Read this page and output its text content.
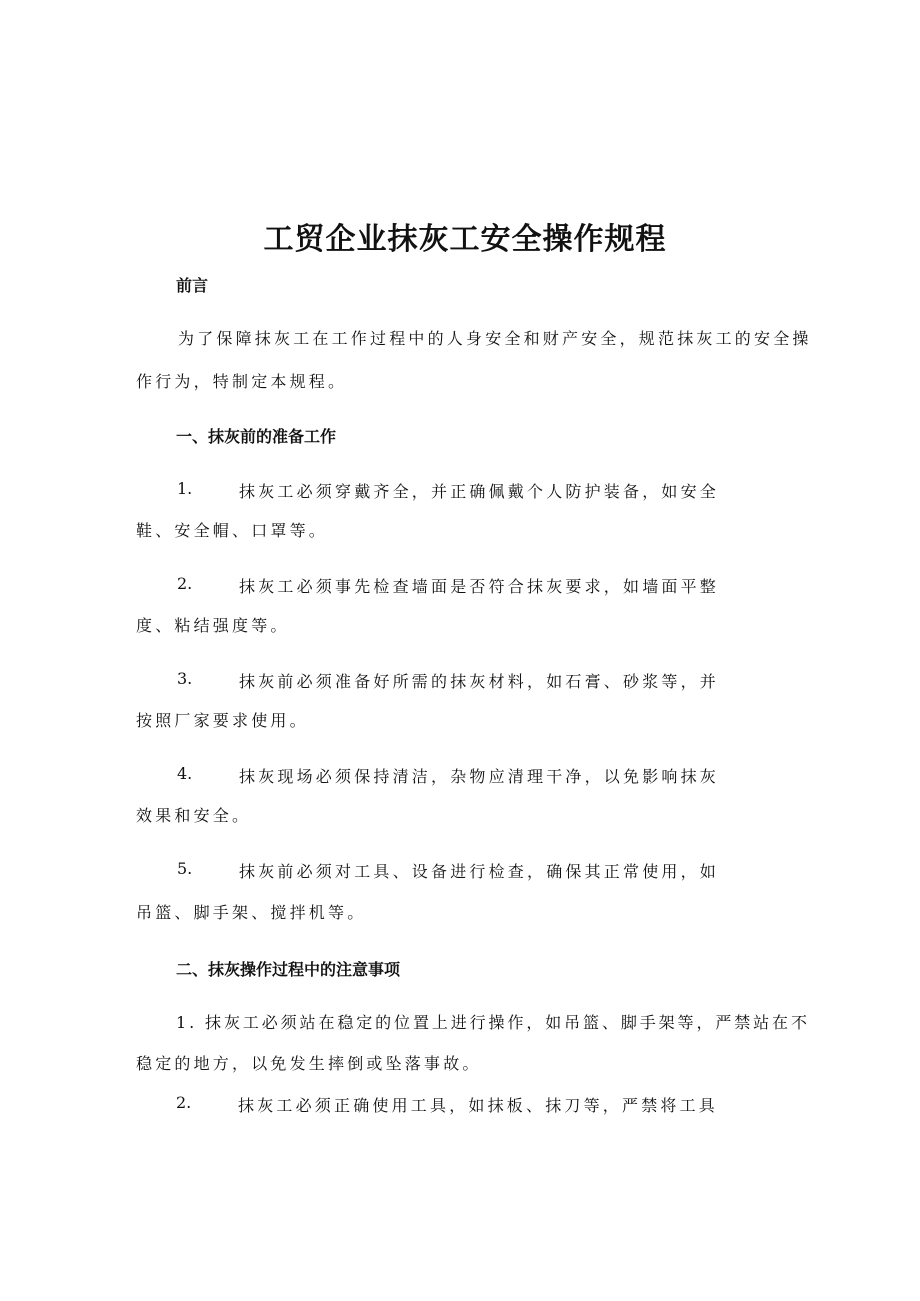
工贸企业抹灰工安全操作规程
前言
为了保障抹灰工在工作过程中的人身安全和财产安全，规范抹灰工的安全操
作行为，特制定本规程。
一、抹灰前的准备工作
1.	抹灰工必须穿戴齐全，并正确佩戴个人防护装备，如安全
鞋、安全帽、口罩等。
2.	抹灰工必须事先检查墙面是否符合抹灰要求，如墙面平整
度、粘结强度等。
3.	抹灰前必须准备好所需的抹灰材料，如石膏、砂浆等，并
按照厂家要求使用。
4.	抹灰现场必须保持清洁，杂物应清理干净，以免影响抹灰
效果和安全。
5.	抹灰前必须对工具、设备进行检查，确保其正常使用，如
吊篮、脚手架、搅拌机等。
二、抹灰操作过程中的注意事项
1. 抹灰工必须站在稳定的位置上进行操作，如吊篮、脚手架等，严禁站在不
稳定的地方，以免发生摔倒或坠落事故。
2.	抹灰工必须正确使用工具，如抹板、抹刀等，严禁将工具
